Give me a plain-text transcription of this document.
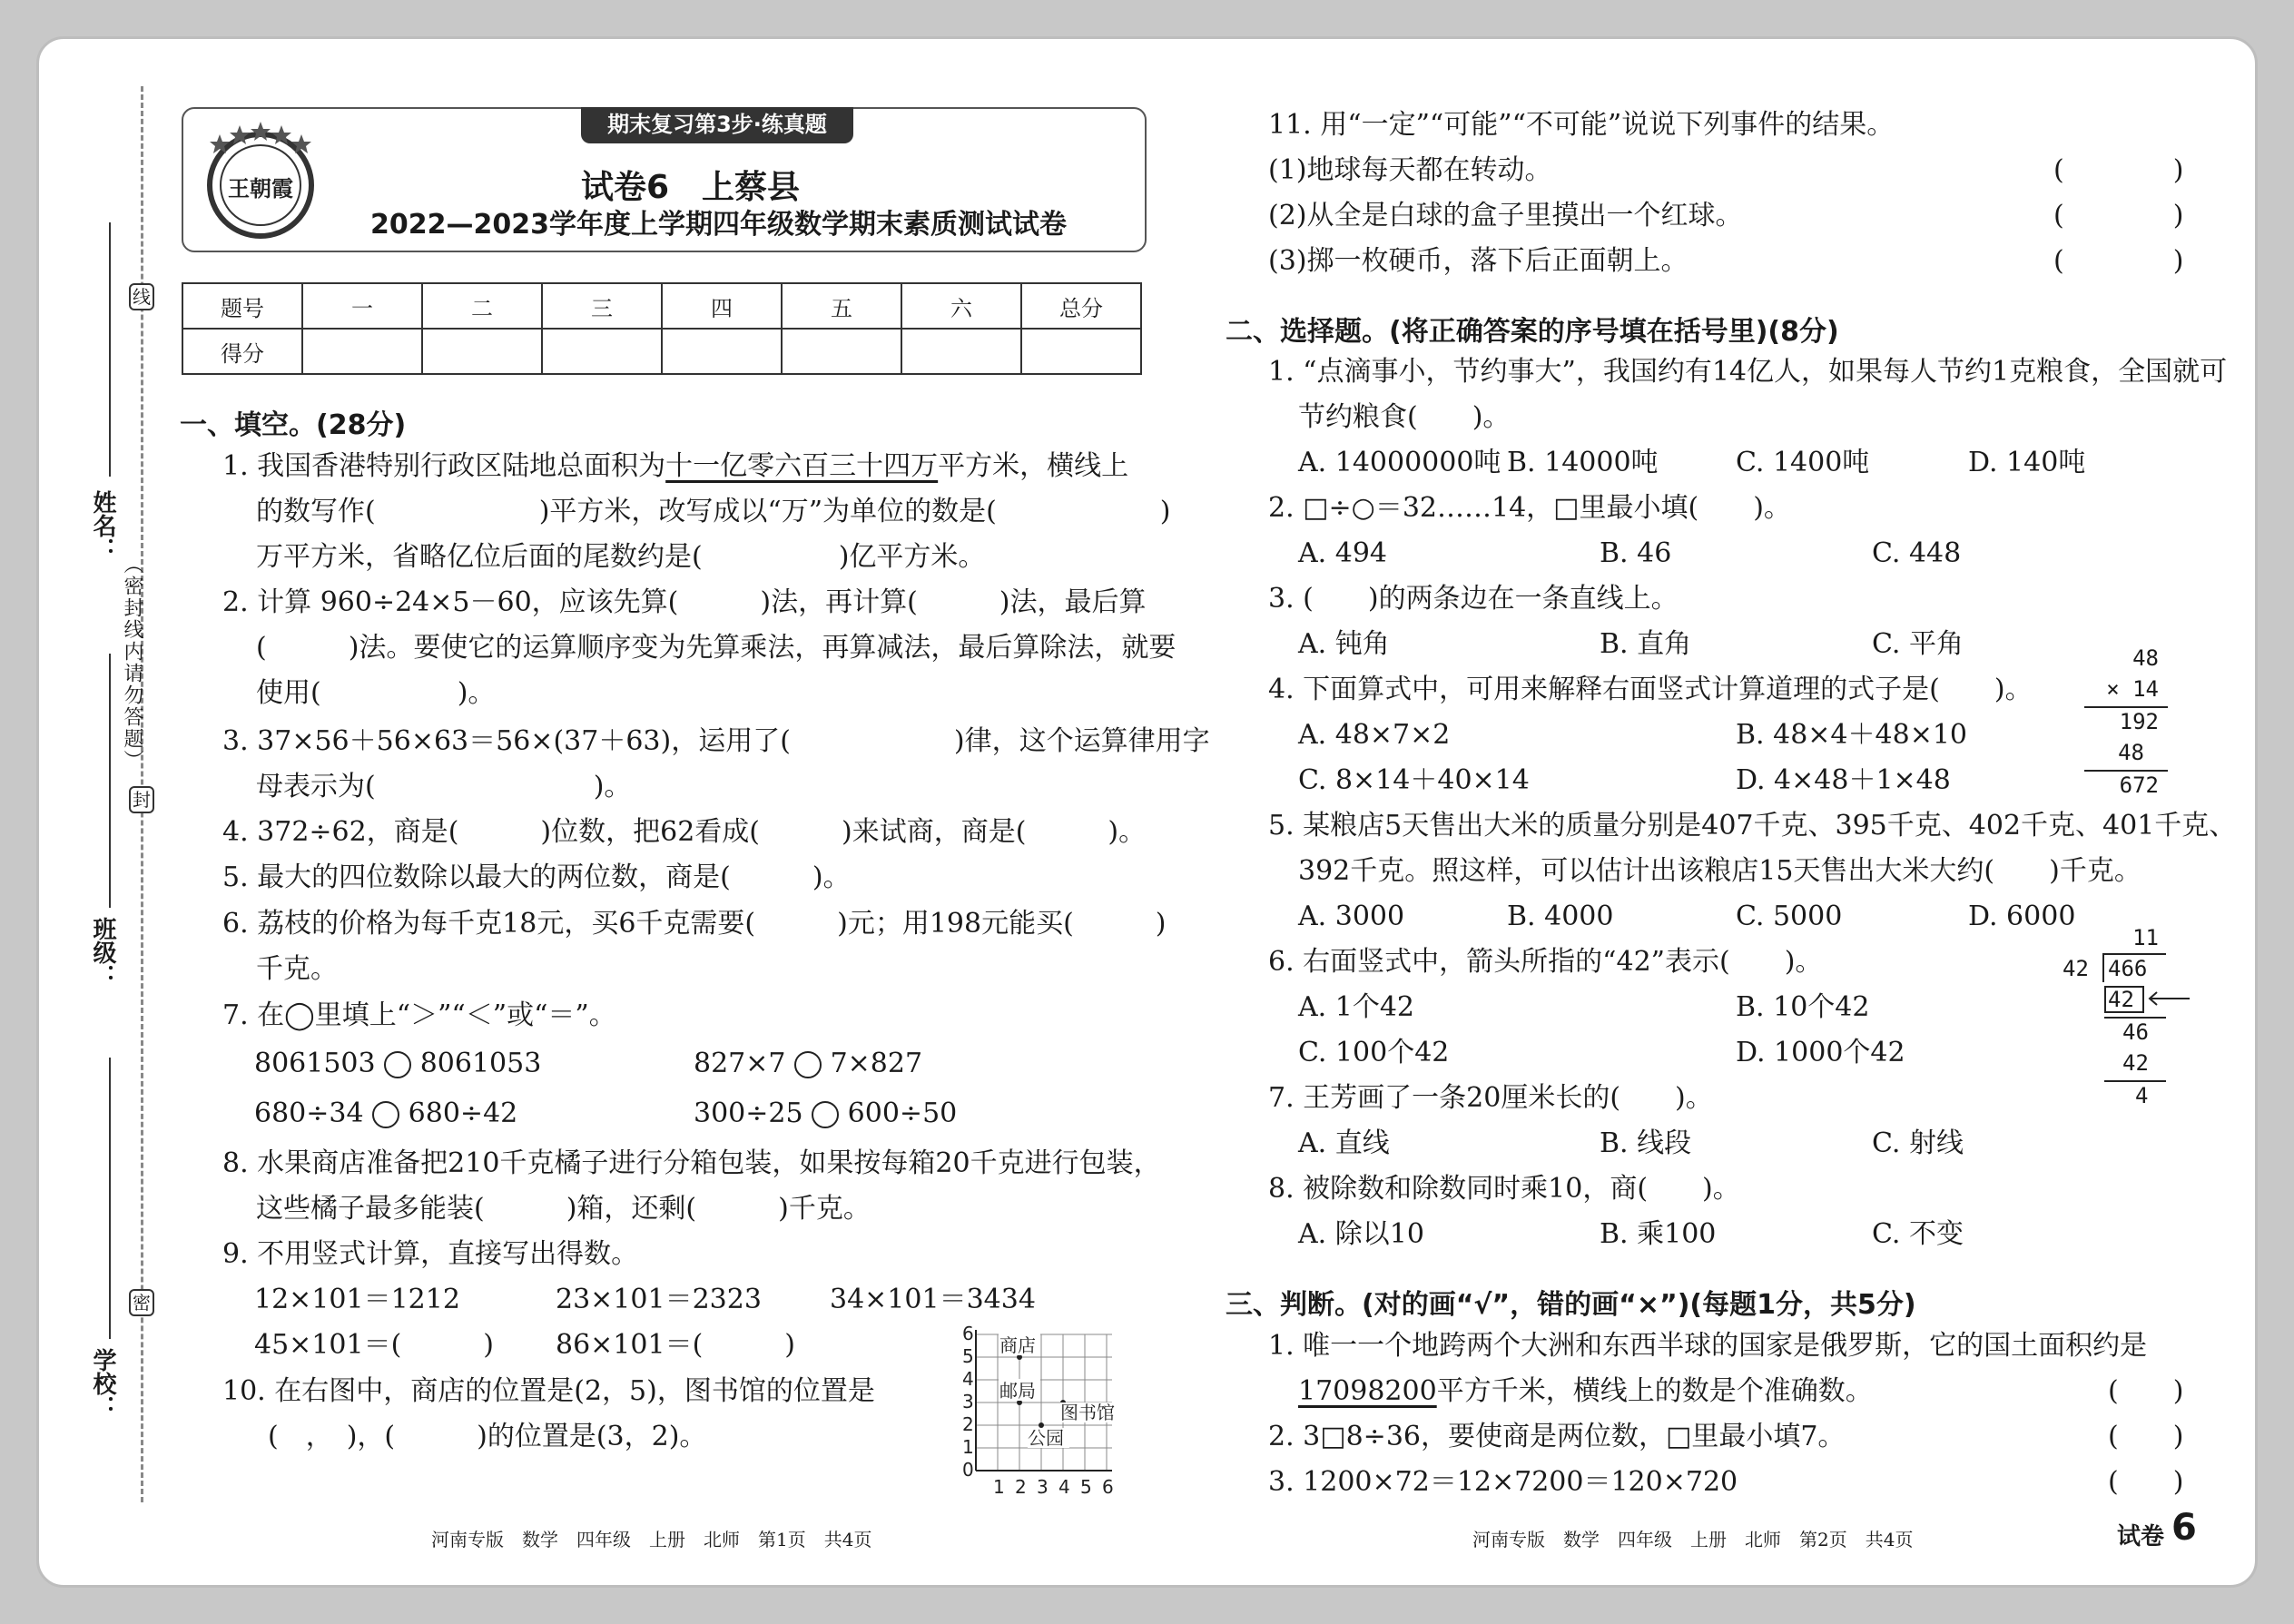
姓名：
班级：
学校：
线
封
密
（密封线内请勿答题）
王朝霞
期末复习第3步·练真题
试卷6　上蔡县
2022—2023学年度上学期四年级数学期末素质测试试卷
题号	一	二	三	四	五	六	总分
得分							
一、填空。(28分)
1. 我国香港特别行政区陆地总面积为十一亿零六百三十四万平方米，横线上
的数写作(　　　　　　)平方米，改写成以“万”为单位的数是(　　　　　　)
万平方米，省略亿位后面的尾数约是(　　　　　)亿平方米。
2. 计算 960÷24×5－60，应该先算(　　　)法，再计算(　　　)法，最后算
(　　　)法。要使它的运算顺序变为先算乘法，再算减法，最后算除法，就要
使用(　　　　　)。
3. 37×56＋56×63＝56×(37＋63)，运用了(　　　　　　)律，这个运算律用字
母表示为(　　　　　　　　)。
4. 372÷62，商是(　　　)位数，把62看成(　　　)来试商，商是(　　　)。
5. 最大的四位数除以最大的两位数，商是(　　　)。
6. 荔枝的价格为每千克18元，买6千克需要(　　　)元；用198元能买(　　　)
千克。
7. 在◯里填上“＞”“＜”或“＝”。
8061503 8061053	827×7 7×827
680÷34 680÷42	300÷25 600÷50
8. 水果商店准备把210千克橘子进行分箱包装，如果按每箱20千克进行包装，
这些橘子最多能装(　　　)箱，还剩(　　　)千克。
9. 不用竖式计算，直接写出得数。
12×101＝1212	23×101＝2323	34×101＝3434
45×101＝(　　　) 86×101＝(　　　)
10. 在右图中，商店的位置是(2，5)，图书馆的位置是
(　，　)，(　　　)的位置是(3，2)。
6
5
4
3
2
1
0
1 2 3 4 5 6
商店
邮局
图书馆
公园
河南专版　数学　四年级　上册　北师　第1页　共4页
11. 用“一定”“可能”“不可能”说说下列事件的结果。
(1)地球每天都在转动。	(　　　　)
(2)从全是白球的盒子里摸出一个红球。	(　　　　)
(3)掷一枚硬币，落下后正面朝上。	(　　　　)
二、选择题。(将正确答案的序号填在括号里)(8分)
1. “点滴事小，节约事大”，我国约有14亿人，如果每人节约1克粮食，全国就可
节约粮食(　　)。
A. 14000000吨 B. 14000吨	C. 1400吨	D. 140吨
2. □÷○＝32……14，□里最小填(　　)。
A. 494	B. 46	C. 448
3. (　　)的两条边在一条直线上。
A. 钝角	B. 直角	C. 平角
4. 下面算式中，可用来解释右面竖式计算道理的式子是(　　)。
A. 48×7×2	B. 48×4＋48×10
C. 8×14＋40×14	D. 4×48＋1×48
48
× 14
192
48
672
5. 某粮店5天售出大米的质量分别是407千克、395千克、402千克、401千克、
392千克。照这样，可以估计出该粮店15天售出大米大约(　　)千克。
A. 3000	B. 4000	C. 5000	D. 6000
6. 右面竖式中，箭头所指的“42”表示(　　)。
A. 1个42	B. 10个42
C. 100个42	D. 1000个42
11
42 466
42
46
42
4
7. 王芳画了一条20厘米长的(　　)。
A. 直线	B. 线段	C. 射线
8. 被除数和除数同时乘10，商(　　)。
A. 除以10	B. 乘100	C. 不变
三、判断。(对的画“√”，错的画“×”)(每题1分，共5分)
1. 唯一一个地跨两个大洲和东西半球的国家是俄罗斯，它的国土面积约是
17098200平方千米，横线上的数是个准确数。	(　　)
2. 3□8÷36，要使商是两位数，□里最小填7。	(　　)
3. 1200×72＝12×7200＝120×720	(　　)
河南专版　数学　四年级　上册　北师　第2页　共4页	试卷 6
